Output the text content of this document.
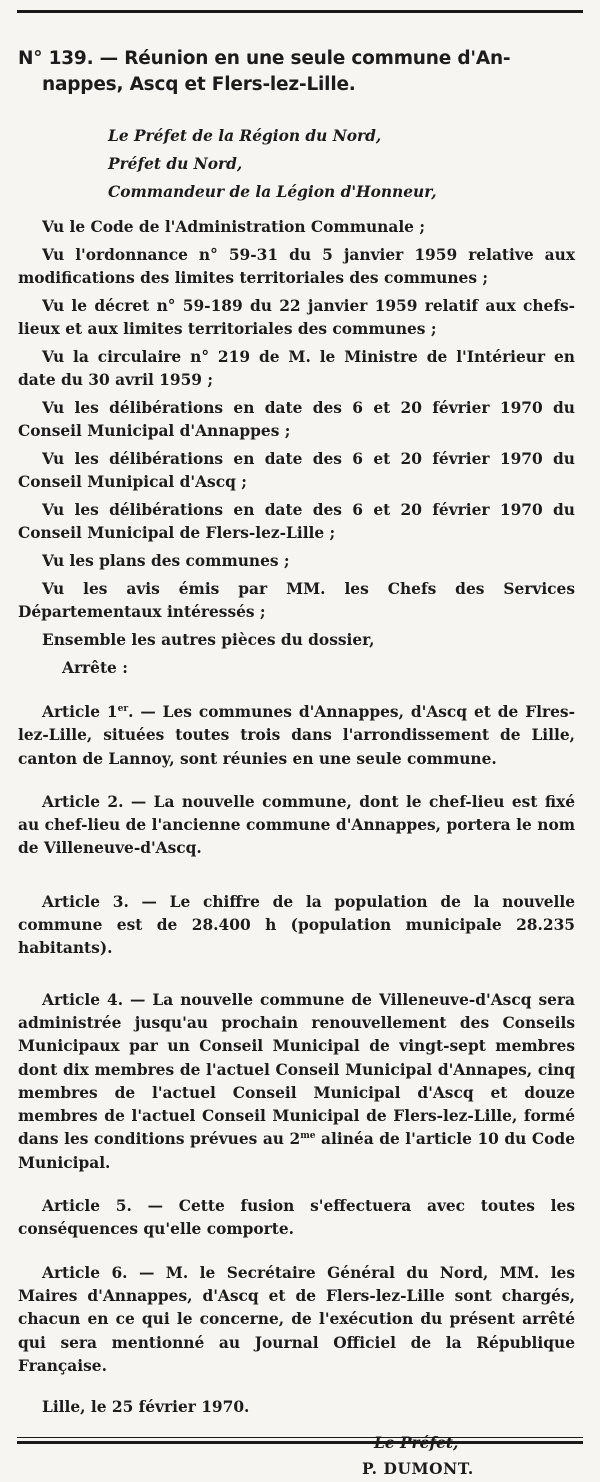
N° 139. — Réunion en une seule commune d'An-
nappes, Ascq et Flers-lez-Lille.
Le Préfet de la Région du Nord,
Préfet du Nord,
Commandeur de la Légion d'Honneur,

Vu le Code de l'Administration Communale ;

Vu l'ordonnance n° 59-31 du 5 janvier 1959 relative aux modifications des limites territoriales des communes ;

Vu le décret n° 59-189 du 22 janvier 1959 relatif aux chefs-lieux et aux limites territoriales des communes ;

Vu la circulaire n° 219 de M. le Ministre de l'Intérieur en date du 30 avril 1959 ;

Vu les délibérations en date des 6 et 20 février 1970 du Conseil Municipal d'Annappes ;

Vu les délibérations en date des 6 et 20 février 1970 du Conseil Munipical d'Ascq ;

Vu les délibérations en date des 6 et 20 février 1970 du Conseil Municipal de Flers-lez-Lille ;

Vu les plans des communes ;

Vu les avis émis par MM. les Chefs des Services Départementaux intéressés ;

Ensemble les autres pièces du dossier,

Arrête :

Article 1er. — Les communes d'Annappes, d'Ascq et de Flres-lez-Lille, situées toutes trois dans l'arrondissement de Lille, canton de Lannoy, sont réunies en une seule commune.

Article 2. — La nouvelle commune, dont le chef-lieu est fixé au chef-lieu de l'ancienne commune d'Annappes, portera le nom de Villeneuve-d'Ascq.

Article 3. — Le chiffre de la population de la nouvelle commune est de 28.400 h (population municipale 28.235 habitants).

Article 4. — La nouvelle commune de Villeneuve-d'Ascq sera administrée jusqu'au prochain renouvellement des Conseils Municipaux par un Conseil Municipal de vingt-sept membres dont dix membres de l'actuel Conseil Municipal d'Annapes, cinq membres de l'actuel Conseil Municipal d'Ascq et douze membres de l'actuel Conseil Municipal de Flers-lez-Lille, formé dans les conditions prévues au $2^{me}$ alinéa de l'article 10 du Code Municipal.

Article 5. — Cette fusion s'effectuera avec toutes les conséquences qu'elle comporte.

Article 6. — M. le Secrétaire Général du Nord, MM. les Maires d'Annappes, d'Ascq et de Flers-lez-Lille sont chargés, chacun en ce qui le concerne, de l'exécution du présent arrêté qui sera mentionné au Journal Officiel de la République Française.

Lille, le 25 février 1970.
Le Préfet,
P. DUMONT.
